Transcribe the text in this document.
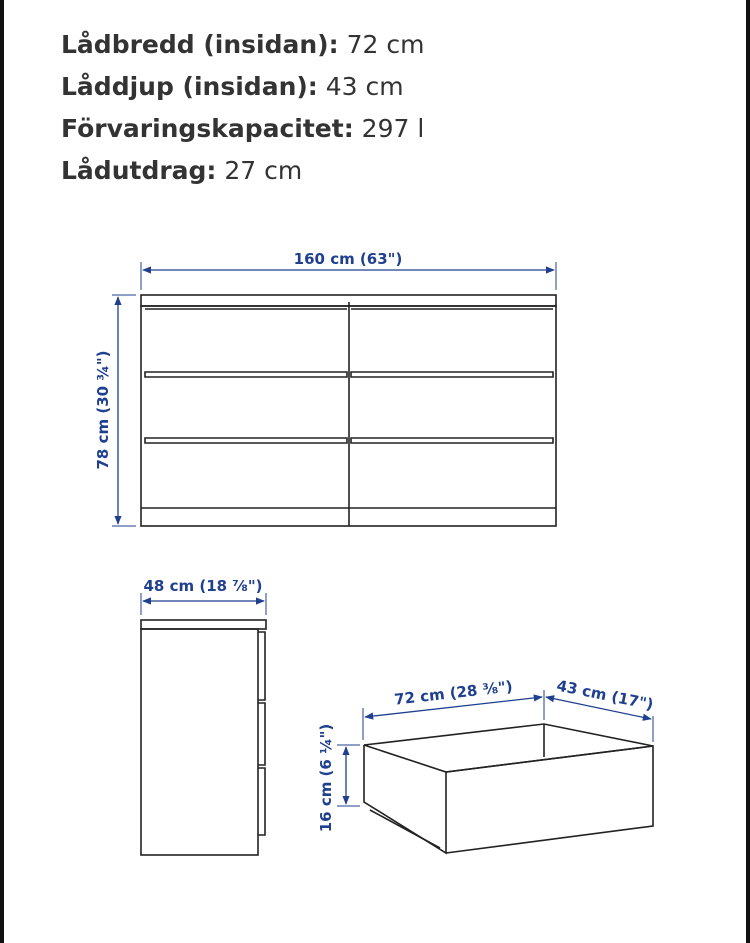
Lådbredd (insidan): 72 cm
Låddjup (insidan): 43 cm
Förvaringskapacitet: 297 l
Lådutdrag: 27 cm
160 cm (63")
78 cm (30 ¾")
48 cm (18 ⅞")
72 cm (28 ⅜")	43 cm (17")
16 cm (6 ¼")
